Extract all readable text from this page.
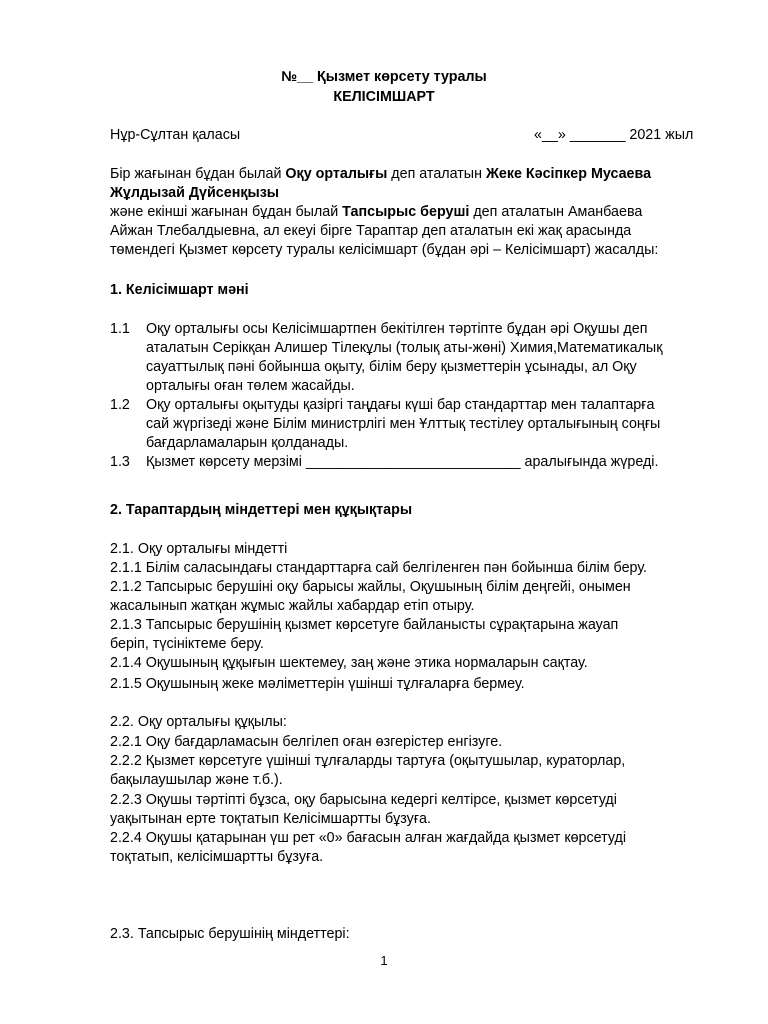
№__ Қызмет көрсету туралы
КЕЛІСІМШАРТ
Нұр-Сұлтан қаласы	«__» _______ 2021 жыл
Бір жағынан бұдан былай Оқу орталығы деп аталатын Жеке Кәсіпкер Мусаева
Жұлдызай Дүйсенқызы
және екінші жағынан бұдан былай Тапсырыс беруші деп аталатын Аманбаева
Айжан Тлебалдыевна, ал екеуі бірге Тараптар деп аталатын екі жақ арасында
төмендегі Қызмет көрсету туралы келісімшарт (бұдан әрі – Келісімшарт) жасалды:
1. Келісімшарт мәні
1.1 Оқу орталығы осы Келісімшартпен бекітілген тәртіпте бұдан әрі Оқушы деп
аталатын Серікқан Алишер Тілекұлы (толық аты-жөні) Химия,Математикалық
сауаттылық пәні бойынша оқыту, білім беру қызметтерін ұсынады, ал Оқу
орталығы оған төлем жасайды.
1.2 Оқу орталығы оқытуды қазіргі таңдағы күші бар стандарттар мен талаптарға
сай жүргізеді және Білім министрлігі мен Ұлттық тестілеу орталығының соңғы
бағдарламаларын қолданады.
1.3 Қызмет көрсету мерзімі ___________________________ аралығында жүреді.
2. Тараптардың міндеттері мен құқықтары
2.1. Оқу орталығы міндетті
2.1.1 Білім саласындағы стандарттарға сай белгіленген пән бойынша білім беру.
2.1.2 Тапсырыс берушіні оқу барысы жайлы, Оқушының білім деңгейі, онымен
жасалынып жатқан жұмыс жайлы хабардар етіп отыру.
2.1.3 Тапсырыс берушінің қызмет көрсетуге байланысты сұрақтарына жауап
беріп, түсініктеме беру.
2.1.4 Оқушының құқығын шектемеу, заң және этика нормаларын сақтау.
2.1.5 Оқушының жеке мәліметтерін үшінші тұлғаларға бермеу.
2.2. Оқу орталығы құқылы:
2.2.1 Оқу бағдарламасын белгілеп оған өзгерістер енгізуге.
2.2.2 Қызмет көрсетуге үшінші тұлғаларды тартуға (оқытушылар, кураторлар,
бақылаушылар және т.б.).
2.2.3 Оқушы тәртіпті бұзса, оқу барысына кедергі келтірсе, қызмет көрсетуді
уақытынан ерте тоқтатып Келісімшартты бұзуға.
2.2.4 Оқушы қатарынан үш рет «0» бағасын алған жағдайда қызмет көрсетуді
тоқтатып, келісімшартты бұзуға.
2.3. Тапсырыс берушінің міндеттері:
1
